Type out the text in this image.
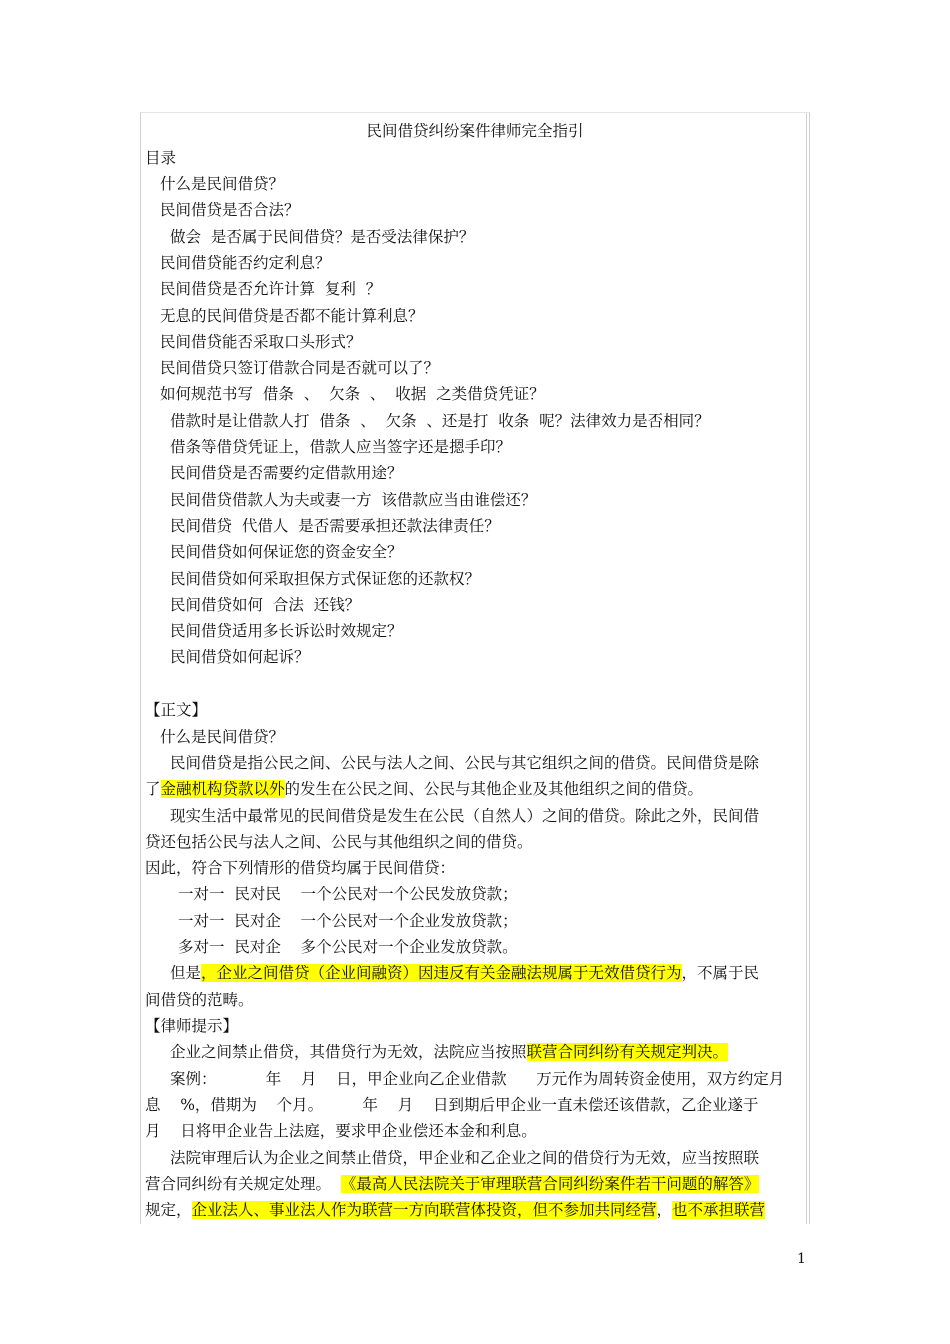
民间借贷纠纷案件律师完全指引
目录
什么是民间借贷？
民间借贷是否合法？
做会  是否属于民间借贷？是否受法律保护？
民间借贷能否约定利息？
民间借贷是否允许计算  复利  ？
无息的民间借贷是否都不能计算利息？
民间借贷能否采取口头形式？
民间借贷只签订借款合同是否就可以了？
如何规范书写  借条  、  欠条  、  收据  之类借贷凭证？
借款时是让借款人打  借条  、  欠条  、还是打  收条  呢？法律效力是否相同？
借条等借贷凭证上，借款人应当签字还是摁手印？
民间借贷是否需要约定借款用途？
民间借贷借款人为夫或妻一方  该借款应当由谁偿还？
民间借贷  代借人  是否需要承担还款法律责任？
民间借贷如何保证您的资金安全？
民间借贷如何采取担保方式保证您的还款权？
民间借贷如何  合法  还钱？
民间借贷适用多长诉讼时效规定？
民间借贷如何起诉？
【正文】
什么是民间借贷？
民间借贷是指公民之间、公民与法人之间、公民与其它组织之间的借贷。民间借贷是除
了金融机构贷款以外的发生在公民之间、公民与其他企业及其他组织之间的借贷。
现实生活中最常见的民间借贷是发生在公民（自然人）之间的借贷。除此之外，民间借
贷还包括公民与法人之间、公民与其他组织之间的借贷。
因此，符合下列情形的借贷均属于民间借贷：
一对一  民对民    一个公民对一个公民发放贷款；
一对一  民对企    一个公民对一个企业发放贷款；
多对一  民对企    多个公民对一个企业发放贷款。
但是，企业之间借贷（企业间融资）因违反有关金融法规属于无效借贷行为，不属于民
间借贷的范畴。
【律师提示】
企业之间禁止借贷，其借贷行为无效，法院应当按照联营合同纠纷有关规定判决。
案例：          年    月    日，甲企业向乙企业借款      万元作为周转资金使用，双方约定月
息    %，借期为    个月。        年    月    日到期后甲企业一直未偿还该借款，乙企业遂于
月    日将甲企业告上法庭，要求甲企业偿还本金和利息。
法院审理后认为企业之间禁止借贷，甲企业和乙企业之间的借贷行为无效，应当按照联
营合同纠纷有关规定处理。  《最高人民法院关于审理联营合同纠纷案件若干问题的解答》
规定，企业法人、事业法人作为联营一方向联营体投资，但不参加共同经营，也不承担联营
1
